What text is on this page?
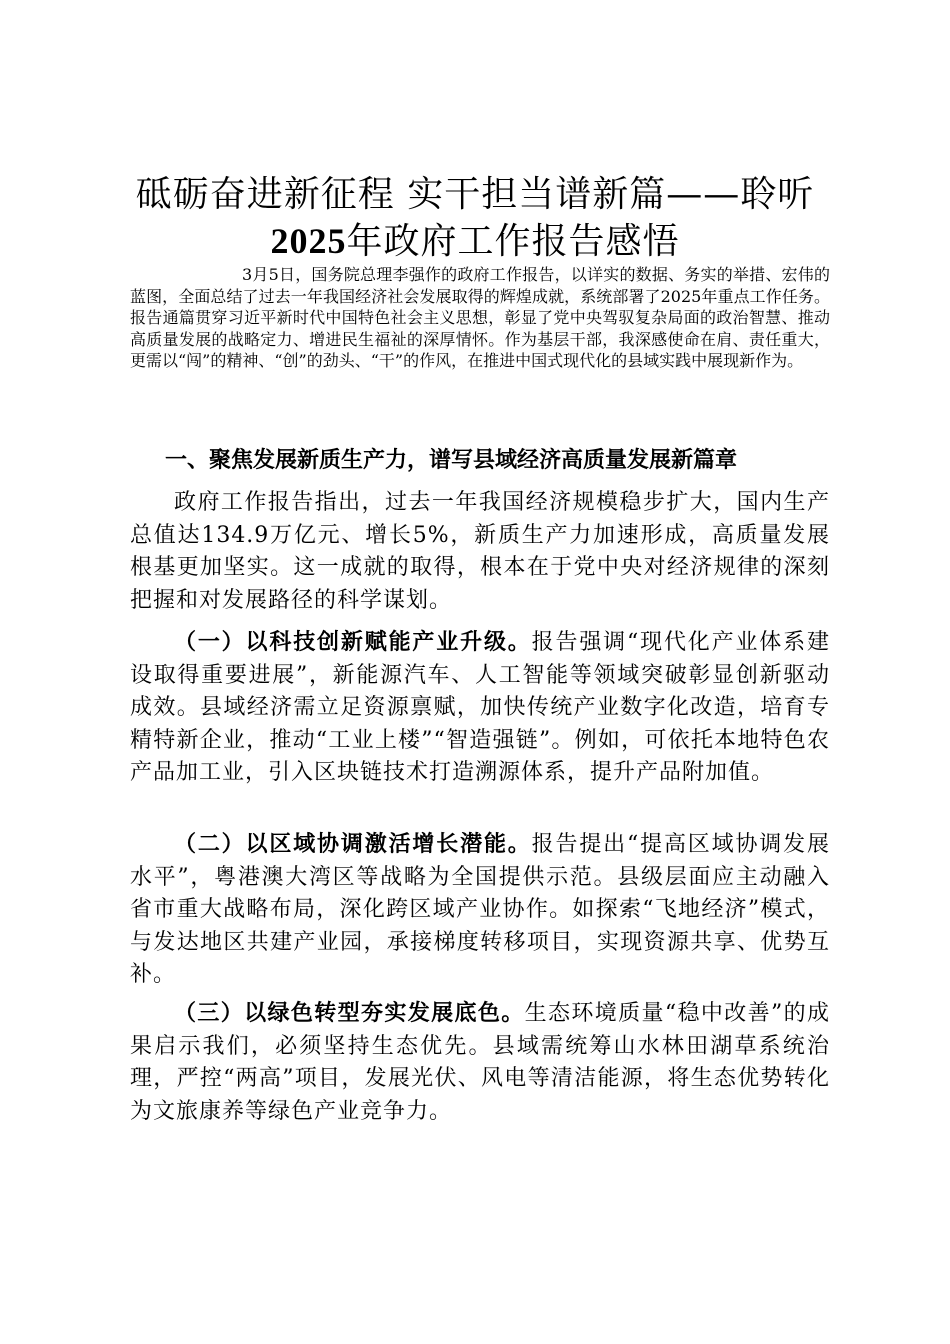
砥砺奋进新征程 实干担当谱新篇——聆听
2025年政府工作报告感悟

3月5日，国务院总理李强作的政府工作报告，以详实的数据、务实的举措、宏伟的蓝图，全面总结了过去一年我国经济社会发展取得的辉煌成就，系统部署了2025年重点工作任务。报告通篇贯穿习近平新时代中国特色社会主义思想，彰显了党中央驾驭复杂局面的政治智慧、推动高质量发展的战略定力、增进民生福祉的深厚情怀。作为基层干部，我深感使命在肩、责任重大，更需以“闯”的精神、“创”的劲头、“干”的作风，在推进中国式现代化的县域实践中展现新作为。

一、聚焦发展新质生产力，谱写县域经济高质量发展新篇章

政府工作报告指出，过去一年我国经济规模稳步扩大，国内生产总值达134.9万亿元、增长5%，新质生产力加速形成，高质量发展根基更加坚实。这一成就的取得，根本在于党中央对经济规律的深刻把握和对发展路径的科学谋划。

（一）以科技创新赋能产业升级。报告强调“现代化产业体系建设取得重要进展”，新能源汽车、人工智能等领域突破彰显创新驱动成效。县域经济需立足资源禀赋，加快传统产业数字化改造，培育专精特新企业，推动“工业上楼”“智造强链”。例如，可依托本地特色农产品加工业，引入区块链技术打造溯源体系，提升产品附加值。

（二）以区域协调激活增长潜能。报告提出“提高区域协调发展水平”，粤港澳大湾区等战略为全国提供示范。县级层面应主动融入省市重大战略布局，深化跨区域产业协作。如探索“飞地经济”模式，与发达地区共建产业园，承接梯度转移项目，实现资源共享、优势互补。

（三）以绿色转型夯实发展底色。生态环境质量“稳中改善”的成果启示我们，必须坚持生态优先。县域需统筹山水林田湖草系统治理，严控“两高”项目，发展光伏、风电等清洁能源，将生态优势转化为文旅康养等绿色产业竞争力。
